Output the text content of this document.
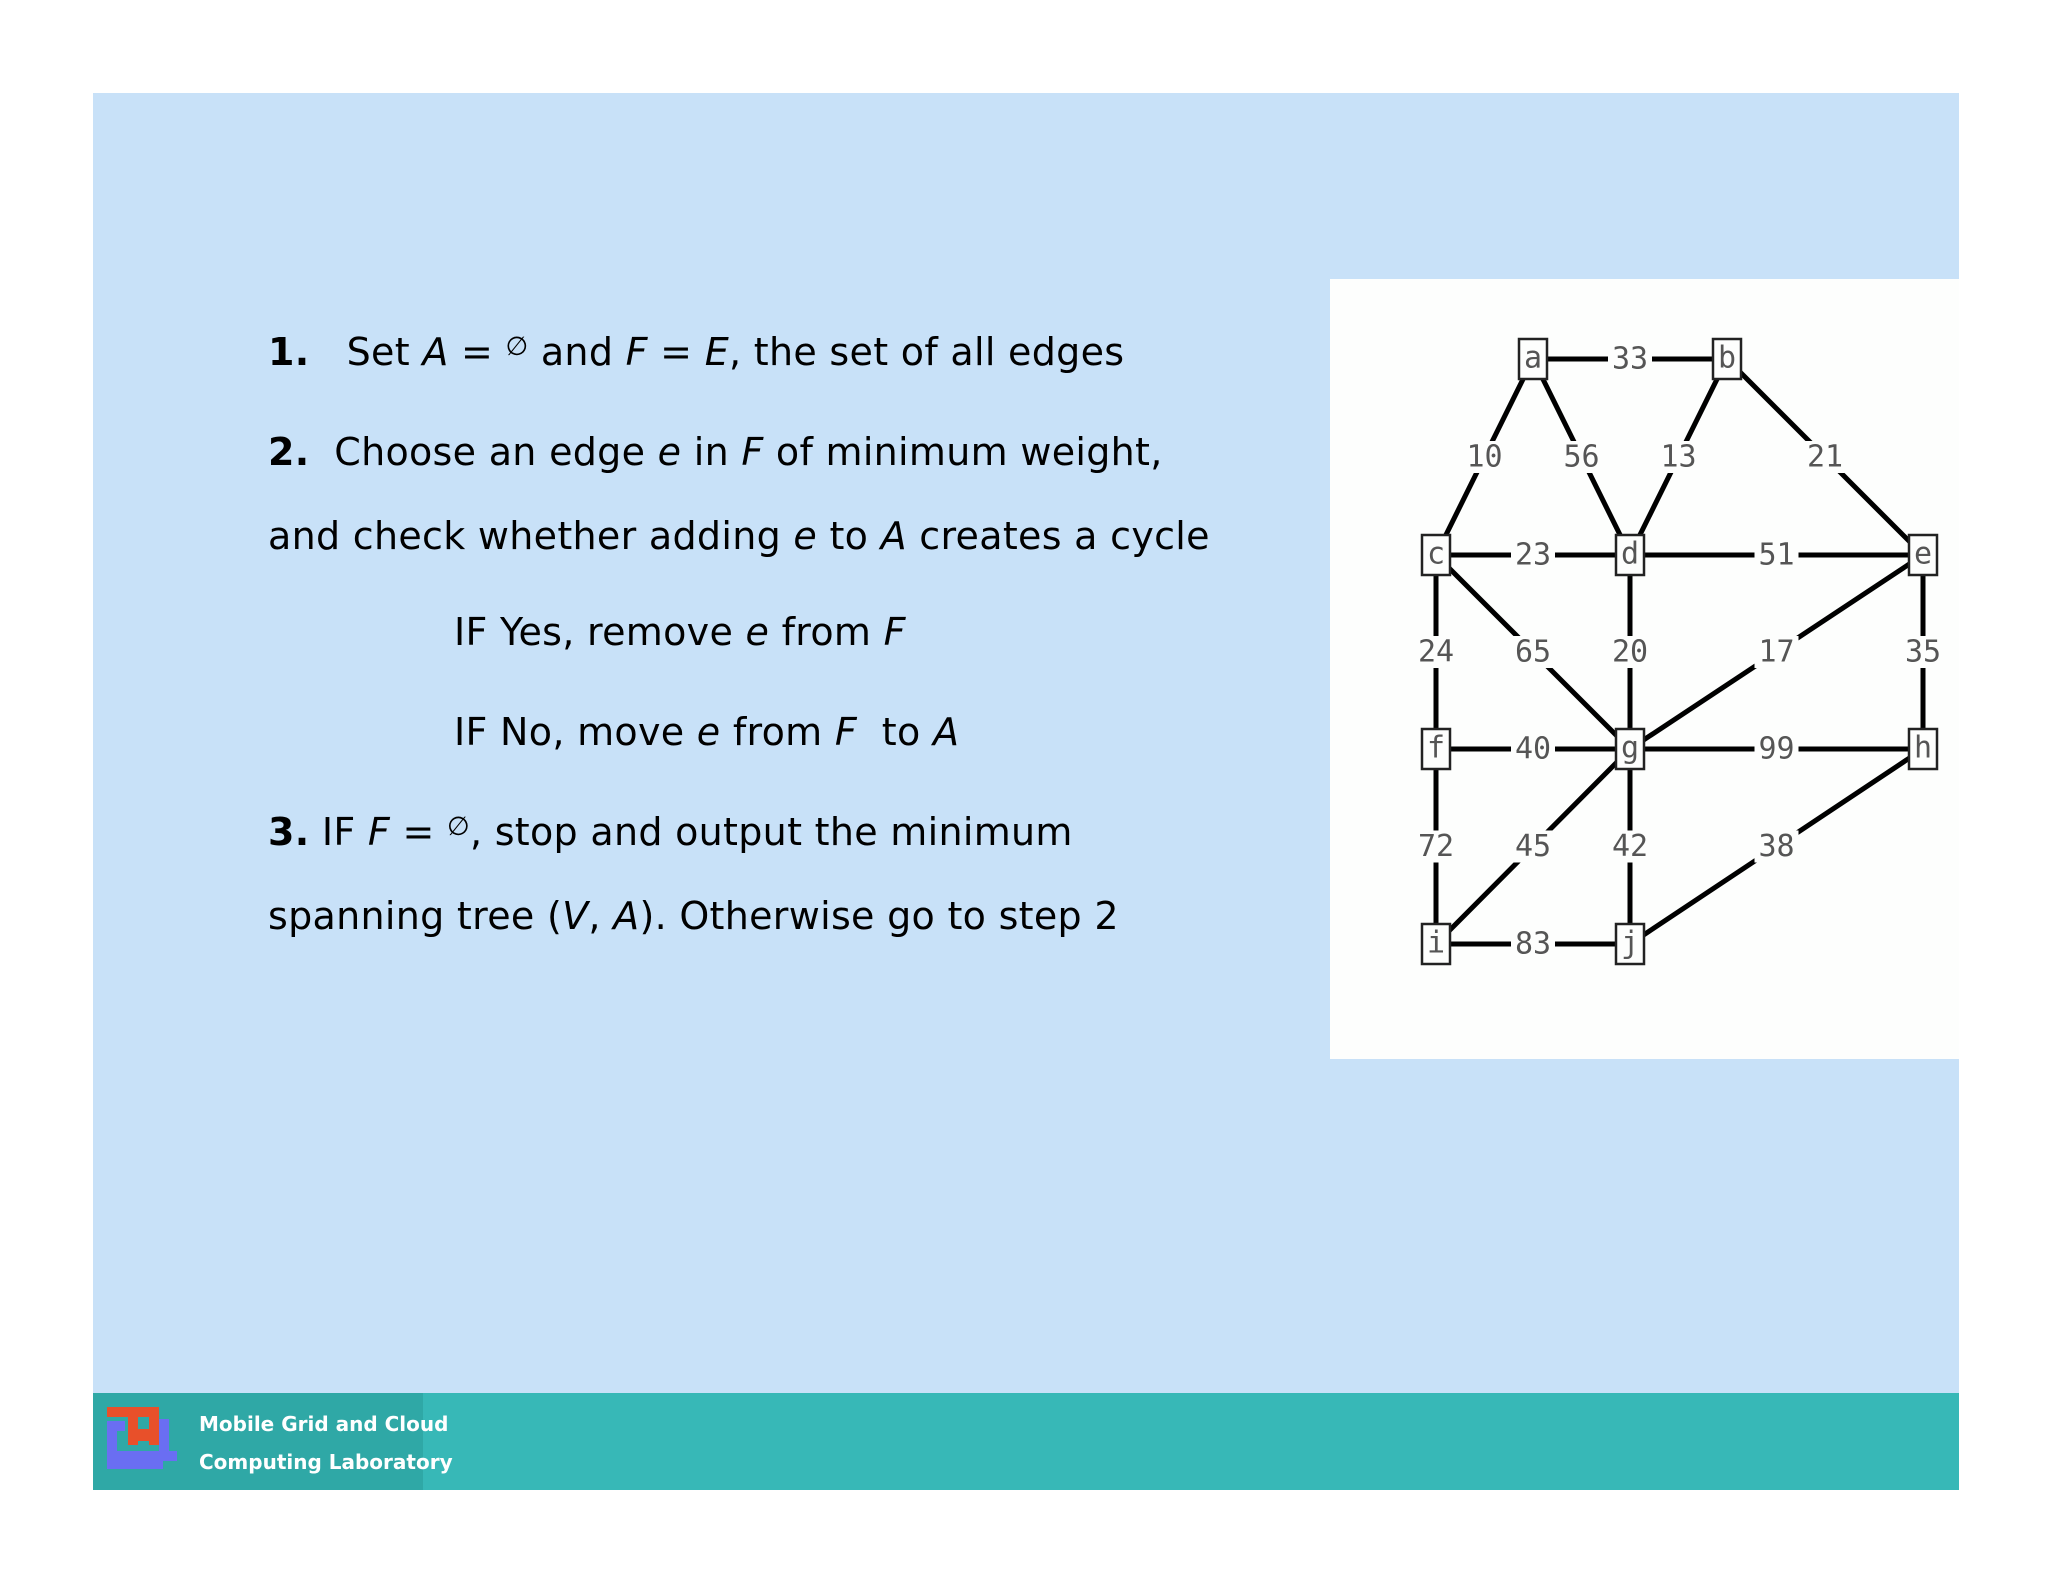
1.   Set A = ∅ and F = E, the set of all edges
2.  Choose an edge e in F of minimum weight,
and check whether adding e to A creates a cycle
IF Yes, remove e from F
IF No, move e from F  to A
3. IF F = ∅, stop and output the minimum
spanning tree (V, A). Otherwise go to step 2
33
10 56 13	21
23	51
24 65 20	17	35
40	99
72 45 42	38
83
a	b
c	d	e
f	g	h
i	j
Mobile Grid and Cloud
Computing Laboratory
